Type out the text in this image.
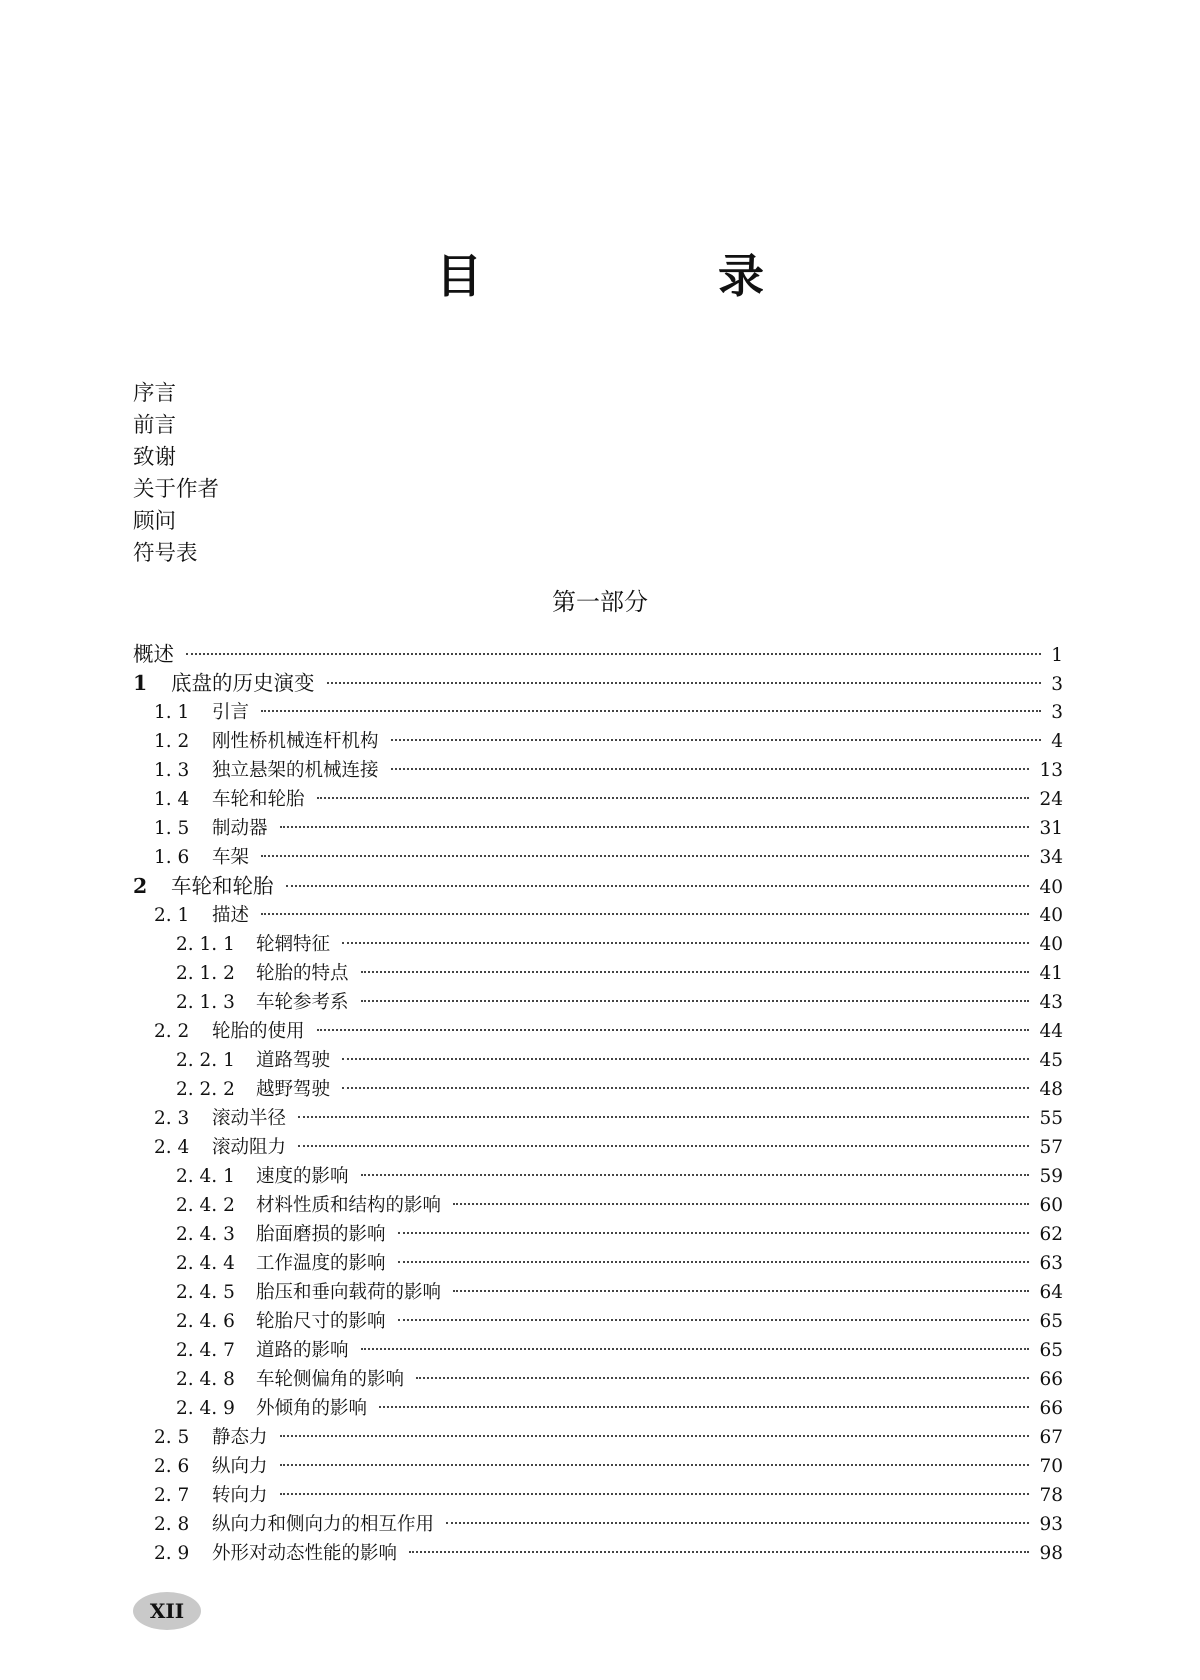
目 录
序言
前言
致谢
关于作者
顾问
符号表
第一部分
概述	1
1	底盘的历史演变	3
1. 1	引言	3
1. 2	刚性桥机械连杆机构	4
1. 3	独立悬架的机械连接	13
1. 4	车轮和轮胎	24
1. 5	制动器	31
1. 6	车架	34
2	车轮和轮胎	40
2. 1	描述	40
2. 1. 1	轮辋特征	40
2. 1. 2	轮胎的特点	41
2. 1. 3	车轮参考系	43
2. 2	轮胎的使用	44
2. 2. 1	道路驾驶	45
2. 2. 2	越野驾驶	48
2. 3	滚动半径	55
2. 4	滚动阻力	57
2. 4. 1	速度的影响	59
2. 4. 2	材料性质和结构的影响	60
2. 4. 3	胎面磨损的影响	62
2. 4. 4	工作温度的影响	63
2. 4. 5	胎压和垂向载荷的影响	64
2. 4. 6	轮胎尺寸的影响	65
2. 4. 7	道路的影响	65
2. 4. 8	车轮侧偏角的影响	66
2. 4. 9	外倾角的影响	66
2. 5	静态力	67
2. 6	纵向力	70
2. 7	转向力	78
2. 8	纵向力和侧向力的相互作用	93
2. 9	外形对动态性能的影响	98
XII
